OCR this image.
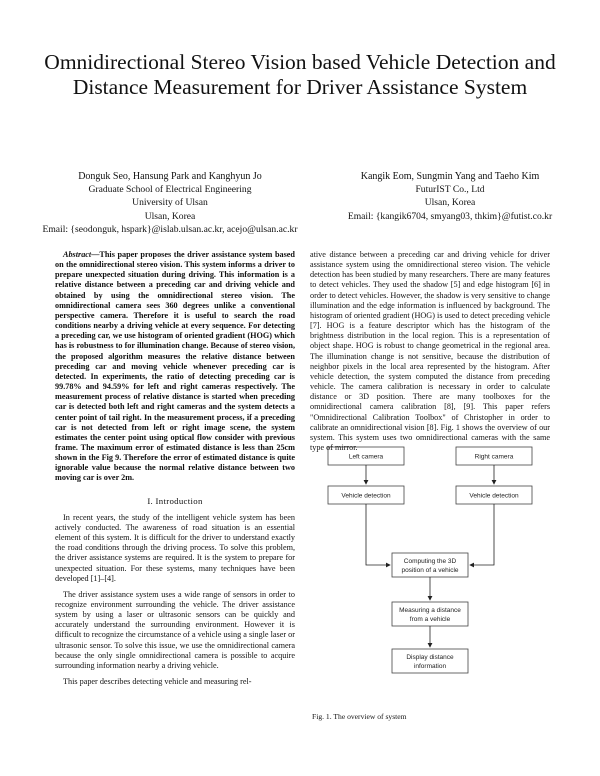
Omnidirectional Stereo Vision based Vehicle Detection and Distance Measurement for Driver Assistance System
Donguk Seo, Hansung Park and Kanghyun Jo
Graduate School of Electrical Engineering
University of Ulsan
Ulsan, Korea
Email: {seodonguk, hspark}@islab.ulsan.ac.kr, acejo@ulsan.ac.kr
Kangik Eom, Sungmin Yang and Taeho Kim
FuturIST Co., Ltd
Ulsan, Korea
Email: {kangik6704, smyang03, thkim}@futist.co.kr

Abstract—This paper proposes the driver assistance system based on the omnidirectional stereo vision. This system informs a driver to prepare unexpected situation during driving. This information is a relative distance between a preceding car and driving vehicle and obtained by using the omnidirectional stereo vision. The omnidirectional camera sees 360 degrees unlike a conventional perspective camera. Therefore it is useful to search the road conditions nearby a driving vehicle at every sequence. For detecting a preceding car, we use histogram of oriented gradient (HOG) which has is robustness to for illumination change. Because of stereo vision, the proposed algorithm measures the relative distance between preceding car and moving vehicle whenever preceding car is detected. In experiments, the ratio of detecting preceding car is 99.78% and 94.59% for left and right cameras respectively. The measurement process of relative distance is started when preceding car is detected both left and right cameras and the system detects a center point of tail right. In the measurement process, if a preceding car is not detected from left or right image scene, the system estimates the center point using optical flow consider with previous frame. The maximum error of estimated distance is less than 25cm shown in the Fig 9. Therefore the error of estimated distance is quite ignorable value because the normal relative distance between two moving car is over 2m.

I. Introduction

In recent years, the study of the intelligent vehicle system has been actively conducted. The awareness of road situation is an essential element of this system. It is difficult for the driver to understand exactly the road conditions through the driving process. To solve this problem, the driver assistance systems are required. It is the system to prepare for unexpected situation. For these systems, many techniques have been developed [1]–[4].

The driver assistance system uses a wide range of sensors in order to recognize environment surrounding the vehicle. The driver assistance system by using a laser or ultrasonic sensors can be quickly and accurately understand the surrounding environment. However it is difficult to recognize the circumstance of a vehicle using a single laser or ultrasonic sensor. To solve this issue, we use the omnidirectional camera because the only single omnidirectional camera is possible to acquire surrounding information nearby a driving vehicle.

This paper describes detecting vehicle and measuring rel-

ative distance between a preceding car and driving vehicle for driver assistance system using the omnidirectional stereo vision. The vehicle detection has been studied by many researchers. There are many features to detect vehicles. They used the shadow [5] and edge histogram [6] in order to detect vehicles. However, the shadow is very sensitive to change illumination and the edge information is influenced by background. The histogram of oriented gradient (HOG) is used to detect preceding vehicle [7]. HOG is a feature descriptor which has the histogram of the brightness distribution in the local region. This is a representation of object shape. HOG is robust to change geometrical in the regional area. The illumination change is not sensitive, because the distribution of neighbor pixels in the local area represented by the histogram. After vehicle detection, the system computed the distance from preceding vehicle. The camera calibration is necessary in order to calculate distance or 3D position. There are many toolboxes for the omnidirectional camera calibration [8], [9]. This paper refers "Omnidirectional Calibration Toolbox" of Christopher in order to calibrate an omnidirectional vision [8]. Fig. 1 shows the overview of our system. This system uses two omnidirectional cameras with the same type of mirror.

Left camera	Right camera
Vehicle detection	Vehicle detection
Computing the 3D
position of a vehicle
Measuring a distance
from a vehicle
Display distance
information
Fig. 1. The overview of system
